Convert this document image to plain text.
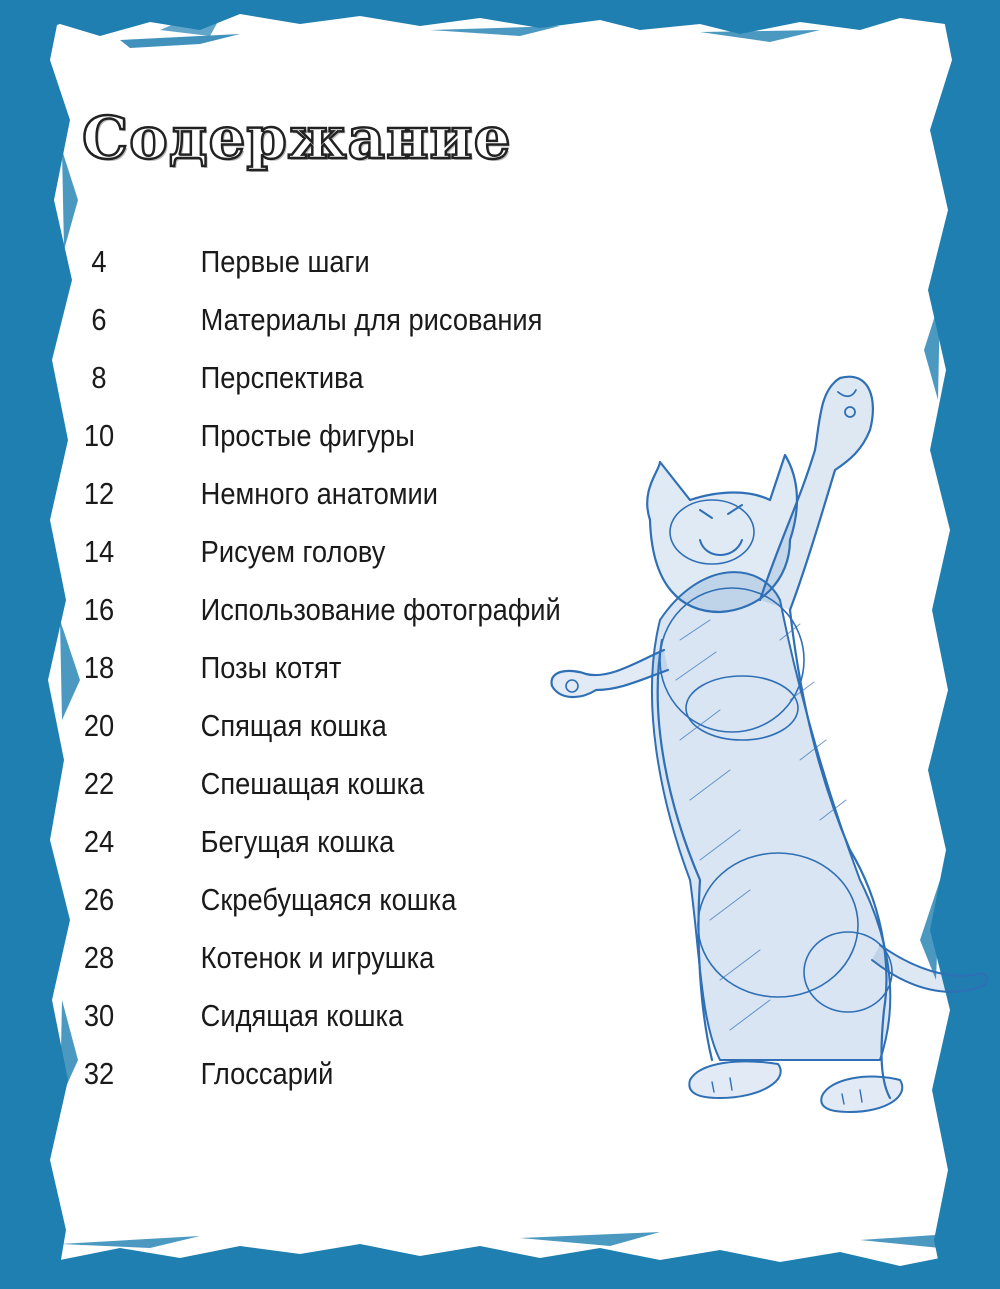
Содержание
4	Первые шаги
6	Материалы для рисования
8	Перспектива
10	Простые фигуры
12	Немного анатомии
14	Рисуем голову
16	Использование фотографий
18	Позы котят
20	Спящая кошка
22	Спешащая кошка
24	Бегущая кошка
26	Скребущаяся кошка
28	Котенок и игрушка
30	Сидящая кошка
32	Глоссарий
